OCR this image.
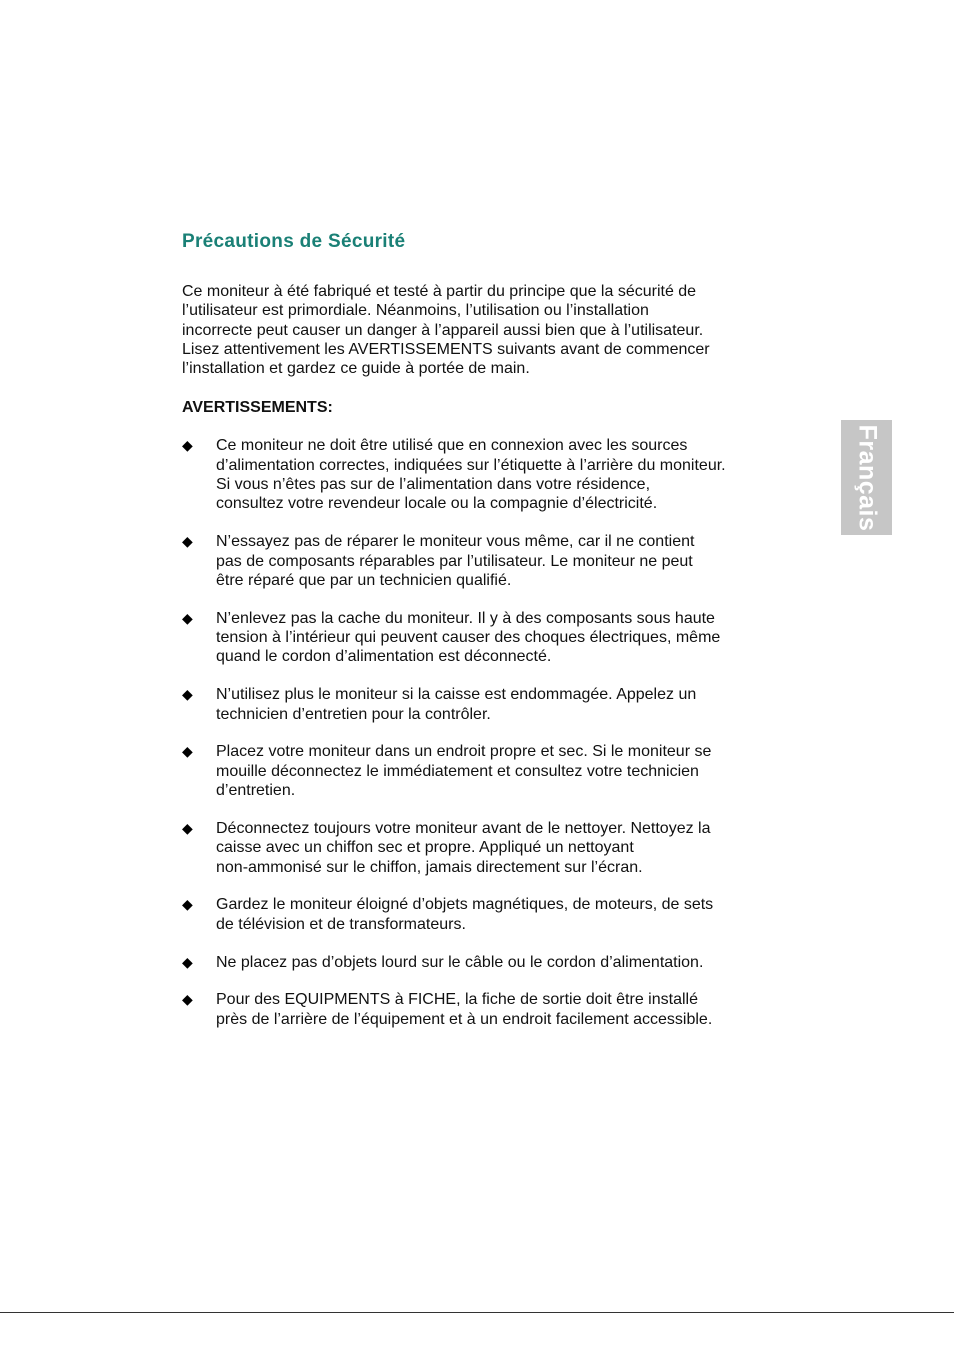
Précautions de Sécurité

Ce moniteur à été fabriqué et testé à partir du principe que la sécurité de
l’utilisateur est primordiale. Néanmoins, l’utilisation ou l’installation
incorrecte peut causer un danger à l’appareil aussi bien que à l’utilisateur.
Lisez attentivement les AVERTISSEMENTS suivants avant de commencer
l’installation et gardez ce guide à portée de main.

AVERTISSEMENTS:
◆ Ce moniteur ne doit être utilisé que en connexion avec les sources
d’alimentation correctes, indiquées sur l’étiquette à l’arrière du moniteur.
Si vous n’êtes pas sur de l’alimentation dans votre résidence,
consultez votre revendeur locale ou la compagnie d’électricité.
◆ N’essayez pas de réparer le moniteur vous même, car il ne contient
pas de composants réparables par l’utilisateur. Le moniteur ne peut
être réparé que par un technicien qualifié.
◆ N’enlevez pas la cache du moniteur. Il y à des composants sous haute
tension à l’intérieur qui peuvent causer des choques électriques, même
quand le cordon d’alimentation est déconnecté.
◆ N’utilisez plus le moniteur si la caisse est endommagée. Appelez un
technicien d’entretien pour la contrôler.
◆ Placez votre moniteur dans un endroit propre et sec. Si le moniteur se
mouille déconnectez le immédiatement et consultez votre technicien
d’entretien.
◆ Déconnectez toujours votre moniteur avant de le nettoyer. Nettoyez la
caisse avec un chiffon sec et propre. Appliqué un nettoyant
non-ammonisé sur le chiffon, jamais directement sur l’écran.
◆ Gardez le moniteur éloigné d’objets magnétiques, de moteurs, de sets
de télévision et de transformateurs.
◆ Ne placez pas d’objets lourd sur le câble ou le cordon d’alimentation.
◆ Pour des EQUIPMENTS à FICHE, la fiche de sortie doit être installé
près de l’arrière de l’équipement et à un endroit facilement accessible.
Français
